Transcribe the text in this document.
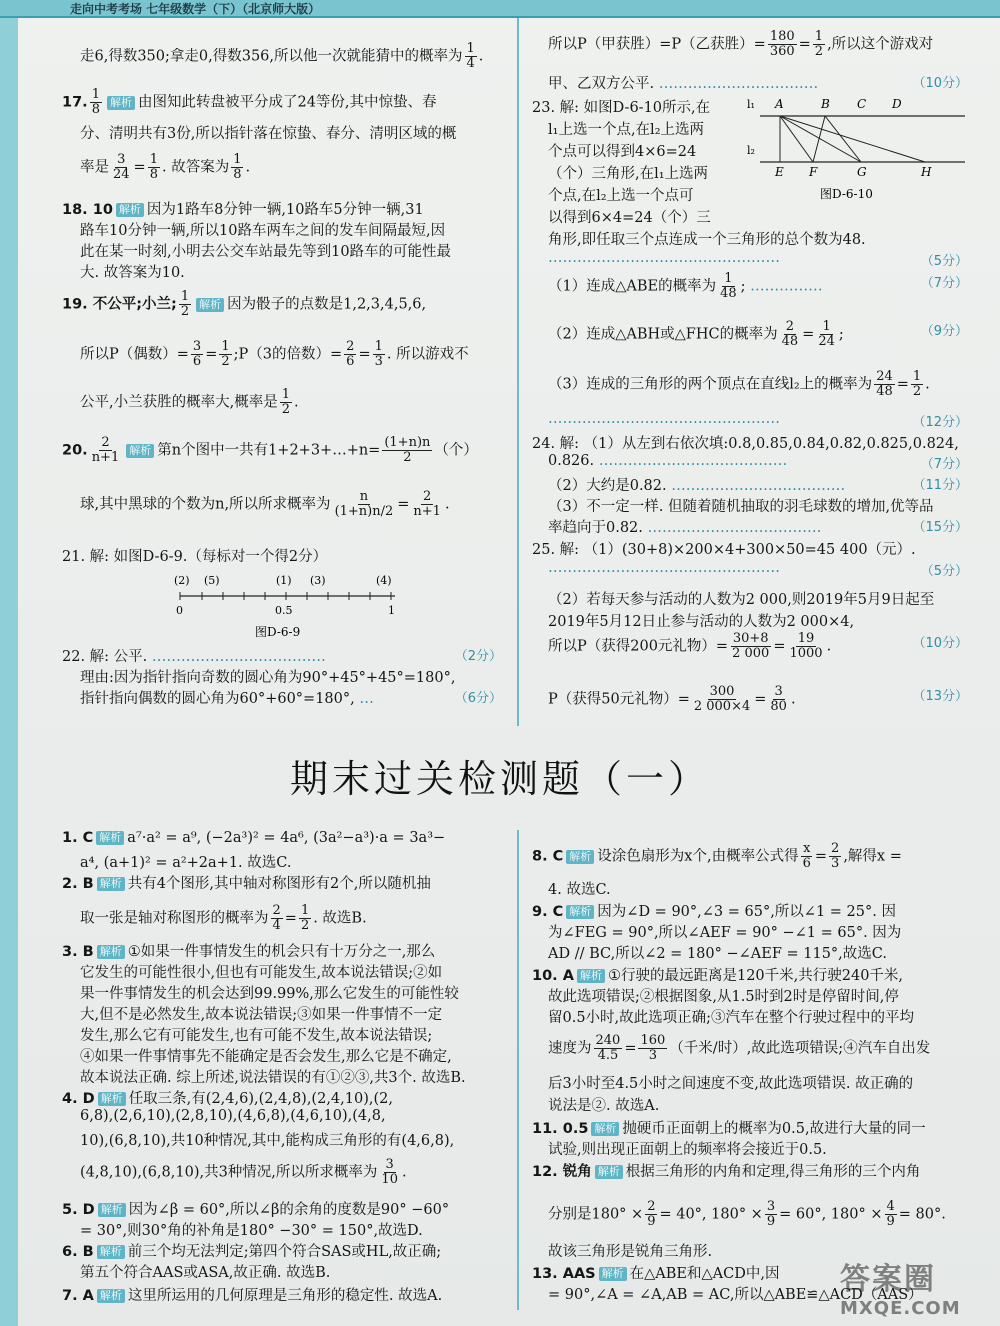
走向中考考场 七年级数学（下）（北京师大版）
走6,得数350;拿走0,得数356,所以他一次就能猜中的概率为 $\frac{1}{4}$ .
17. $\frac{1}{8}$ 解析 由图知此转盘被平分成了24等份,其中惊蛰、春
分、清明共有3份,所以指针落在惊蛰、春分、清明区域的概
率是 $\frac{3}{24} = \frac{1}{8}$ . 故答案为 $\frac{1}{8}$ .
18. 10 解析 因为1路车8分钟一辆,10路车5分钟一辆,31
路车10分钟一辆,所以10路车两车之间的发车间隔最短,因
此在某一时刻,小明去公交车站最先等到10路车的可能性最
大. 故答案为10.
19. 不公平;小兰; $\frac{1}{2}$ 解析 因为骰子的点数是1,2,3,4,5,6,
所以P（偶数）= $\frac{3}{6} = \frac{1}{2}$ ;P（3的倍数）= $\frac{2}{6} = \frac{1}{3}$ . 所以游戏不
公平,小兰获胜的概率大,概率是 $\frac{1}{2}$ .
20. $\frac{2}{n+1}$ 解析 第n个图中一共有1+2+3+…+n= $\frac{(1+n)n}{2}$ （个）
球,其中黑球的个数为n,所以所求概率为 $\frac{n}{(1+n)n/2} = \frac{2}{n+1}$ .
21. 解: 如图D-6-9.（每标对一个得2分）
(2) (5)	(1) (3)	(4)
0	0.5	1
图D-6-9
22. 解: 公平. ………………………………	（2分）
理由:因为指针指向奇数的圆心角为90°+45°+45°=180°,
指针指向偶数的圆心角为60°+60°=180°, …	（6分）
所以P（甲获胜）=P（乙获胜）= $\frac{180}{360} = \frac{1}{2}$ ,所以这个游戏对
甲、乙双方公平. ……………………………	（10分）
23. 解: 如图D-6-10所示,在
l₁上选一个点,在l₂上选两
个点可以得到4×6=24
（个）三角形,在l₁上选两
个点,在l₂上选一个点可
以得到6×4=24（个）三
角形,即任取三个点连成一个三角形的总个数为48.
…………………………………………	（5分）
l₁
l₂
A	B C D
E F	G	H
图D-6-10
（1）连成△ABE的概率为 $\frac{1}{48}$ ; ……………	（7分）
（2）连成△ABH或△FHC的概率为 $\frac{2}{48} = \frac{1}{24}$ ;	（9分）
（3）连成的三角形的两个顶点在直线l₂上的概率为 $\frac{24}{48} = \frac{1}{2}$ .
…………………………………………	（12分）
24. 解: （1）从左到右依次填:0.8,0.85,0.84,0.82,0.825,0.824,
0.826. …………………………………	（7分）
（2）大约是0.82. ………………………………	（11分）
（3）不一定一样. 但随着随机抽取的羽毛球数的增加,优等品
率趋向于0.82. ………………………………	（15分）
25. 解: （1）(30+8)×200×4+300×50=45 400（元）.
…………………………………………	（5分）
（2）若每天参与活动的人数为2 000,则2019年5月9日起至
2019年5月12日止参与活动的人数为2 000×4,
所以P（获得200元礼物）= $\frac{30+8}{2 000} = \frac{19}{1000}$ .	（10分）
P（获得50元礼物）= $\frac{300}{2 000\times 4} = \frac{3}{80}$ .	（13分）
期末过关检测题（一）
1. C 解析 a⁷·a² = a⁹, (−2a³)² = 4a⁶, (3a²−a³)·a = 3a³−
a⁴, (a+1)² = a²+2a+1. 故选C.
2. B 解析 共有4个图形,其中轴对称图形有2个,所以随机抽
取一张是轴对称图形的概率为 $\frac{2}{4} = \frac{1}{2}$ . 故选B.
3. B 解析 ①如果一件事情发生的机会只有十万分之一,那么
它发生的可能性很小,但也有可能发生,故本说法错误;②如
果一件事情发生的机会达到99.99%,那么它发生的可能性较
大,但不是必然发生,故本说法错误;③如果一件事情不一定
发生,那么它有可能发生,也有可能不发生,故本说法错误;
④如果一件事情事先不能确定是否会发生,那么它是不确定,
故本说法正确. 综上所述,说法错误的有①②③,共3个. 故选B.
4. D 解析 任取三条,有(2,4,6),(2,4,8),(2,4,10),(2,
6,8),(2,6,10),(2,8,10),(4,6,8),(4,6,10),(4,8,
10),(6,8,10),共10种情况,其中,能构成三角形的有(4,6,8),
(4,8,10),(6,8,10),共3种情况,所以所求概率为 $\frac{3}{10}$ .
5. D 解析 因为∠β = 60°,所以∠β的余角的度数是90° −60°
= 30°,则30°角的补角是180° −30° = 150°,故选D.
6. B 解析 前三个均无法判定;第四个符合SAS或HL,故正确;
第五个符合AAS或ASA,故正确. 故选B.
7. A 解析 这里所运用的几何原理是三角形的稳定性. 故选A.
8. C 解析 设涂色扇形为x个,由概率公式得 $\frac{x}{6} = \frac{2}{3}$ ,解得x =
4. 故选C.
9. C 解析 因为∠D = 90°,∠3 = 65°,所以∠1 = 25°. 因
为∠FEG = 90°,所以∠AEF = 90° −∠1 = 65°. 因为
AD // BC,所以∠2 = 180° −∠AEF = 115°,故选C.
10. A 解析 ①行驶的最远距离是120千米,共行驶240千米,
故此选项错误;②根据图象,从1.5时到2时是停留时间,停
留0.5小时,故此选项正确;③汽车在整个行驶过程中的平均
速度为 $\frac{240}{4.5} = \frac{160}{3}$ （千米/时）,故此选项错误;④汽车自出发
后3小时至4.5小时之间速度不变,故此选项错误. 故正确的
说法是②. 故选A.
11. 0.5 解析 抛硬币正面朝上的概率为0.5,故进行大量的同一
试验,则出现正面朝上的频率将会接近于0.5.
12. 锐角 解析 根据三角形的内角和定理,得三角形的三个内角
分别是$180^\circ \times \frac{2}{9} = 40^\circ$, $180^\circ \times \frac{3}{9} = 60^\circ$, $180^\circ \times \frac{4}{9} = 80^\circ$.
故该三角形是锐角三角形.
13. AAS 解析 在△ABE和△ACD中,因
= 90°,∠A = ∠A,AB = AC,所以△ABE≌△ACD（AAS）
答案圈
MXQE.COM
